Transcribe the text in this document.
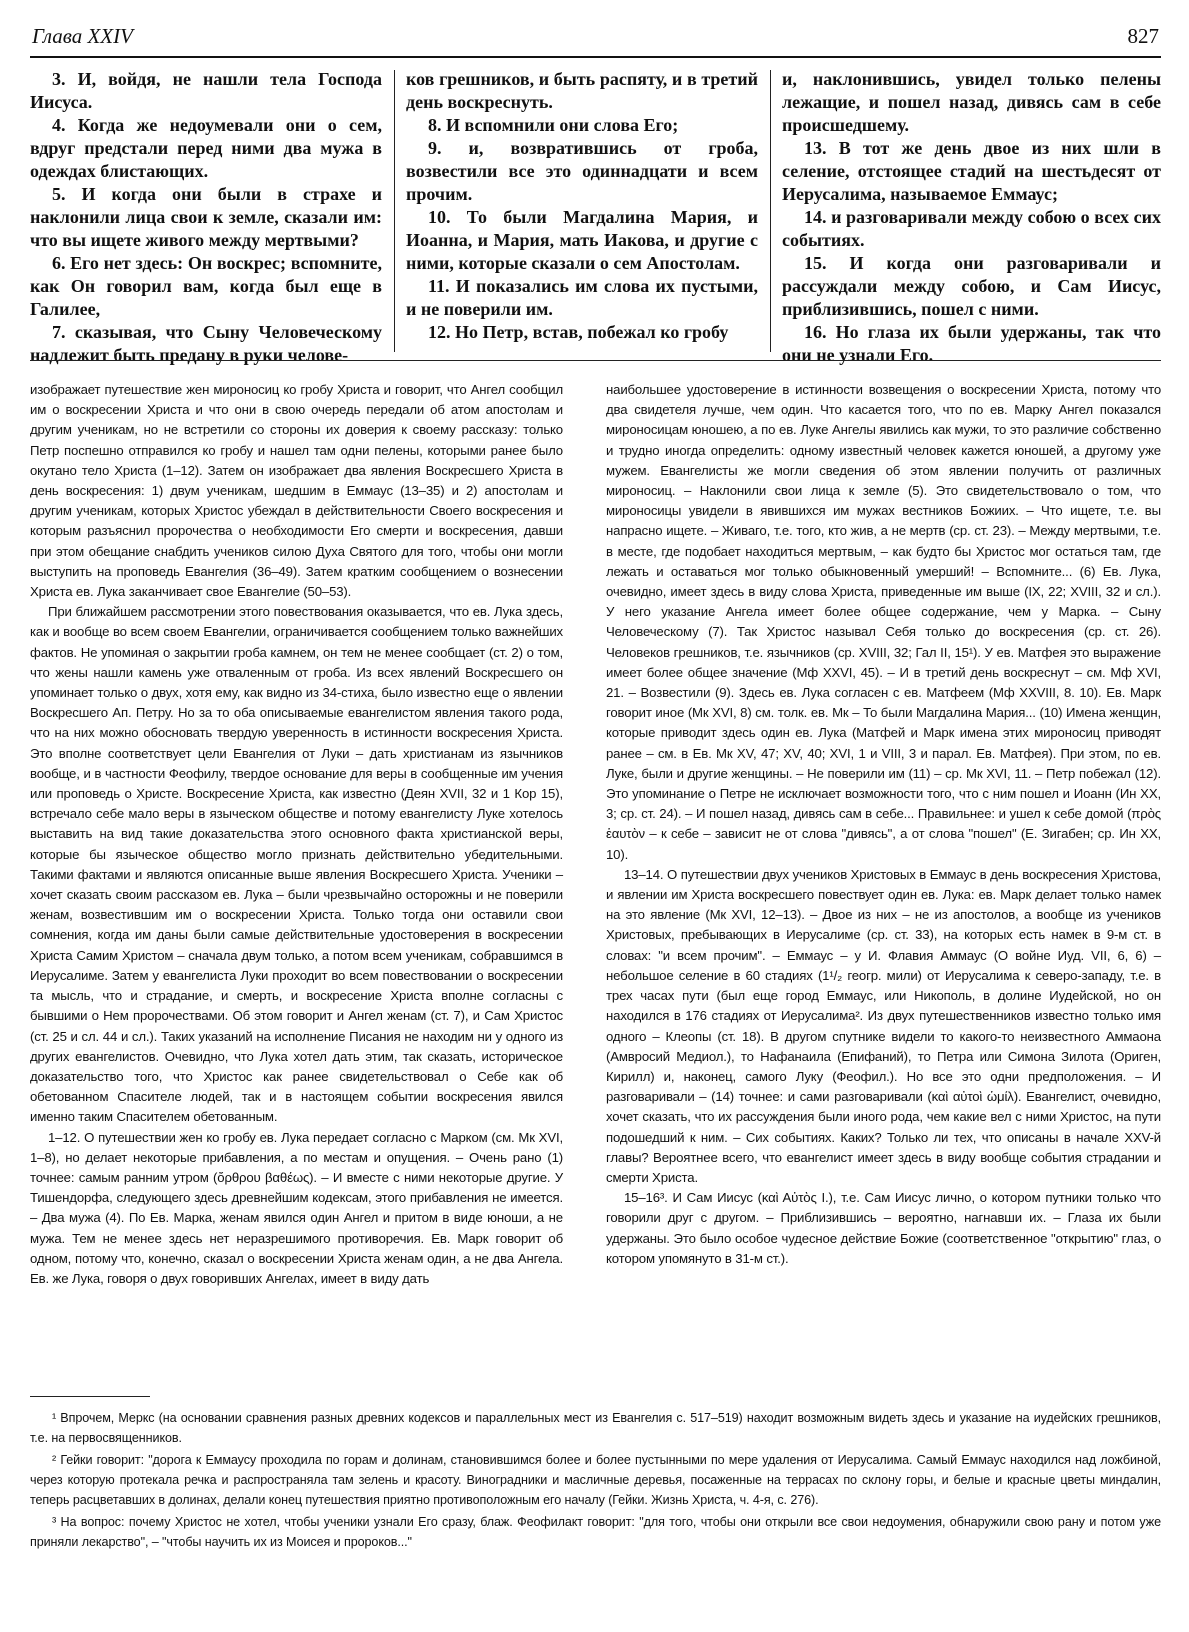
Глава XXIV	827

3. И, войдя, не нашли тела Господа Иисуса.

4. Когда же недоумевали они о сем, вдруг предстали перед ними два мужа в одеждах блистающих.

5. И когда они были в страхе и наклонили лица свои к земле, сказали им: что вы ищете живого между мертвыми?

6. Его нет здесь: Он воскрес; вспомните, как Он говорил вам, когда был еще в Галилее,

7. сказывая, что Сыну Человеческому надлежит быть предану в руки челове-

ков грешников, и быть распяту, и в третий день воскреснуть.

8. И вспомнили они слова Его;

9. и, возвратившись от гроба, возвестили все это одиннадцати и всем прочим.

10. То были Магдалина Мария, и Иоанна, и Мария, мать Иакова, и другие с ними, которые сказали о сем Апостолам.

11. И показались им слова их пустыми, и не поверили им.

12. Но Петр, встав, побежал ко гробу

и, наклонившись, увидел только пелены лежащие, и пошел назад, дивясь сам в себе происшедшему.

13. В тот же день двое из них шли в селение, отстоящее стадий на шестьдесят от Иерусалима, называемое Еммаус;

14. и разговаривали между собою о всех сих событиях.

15. И когда они разговаривали и рассуждали между собою, и Сам Иисус, приблизившись, пошел с ними.

16. Но глаза их были удержаны, так что они не узнали Его.

изображает путешествие жен мироносиц ко гробу Христа и говорит, что Ангел сообщил им о воскресении Христа и что они в свою очередь передали об атом апостолам и другим ученикам, но не встретили со стороны их доверия к своему рассказу: только Петр поспешно отправился ко гробу и нашел там одни пелены, которыми ранее было окутано тело Христа (1–12). Затем он изображает два явления Воскресшего Христа в день воскресения: 1) двум ученикам, шедшим в Еммаус (13–35) и 2) апостолам и другим ученикам, которых Христос убеждал в действительности Своего воскресения и которым разъяснил пророчества о необходимости Его смерти и воскресения, давши при этом обещание снабдить учеников силою Духа Святого для того, чтобы они могли выступить на проповедь Евангелия (36–49). Затем кратким сообщением о вознесении Христа ев. Лука заканчивает свое Евангелие (50–53).

При ближайшем рассмотрении этого повествования оказывается, что ев. Лука здесь, как и вообще во всем своем Евангелии, ограничивается сообщением только важнейших фактов. Не упоминая о закрытии гроба камнем, он тем не менее сообщает (ст. 2) о том, что жены нашли камень уже отваленным от гроба. Из всех явлений Воскресшего он упоминает только о двух, хотя ему, как видно из 34-стиха, было известно еще о явлении Воскресшего Ап. Петру. Но за то оба описываемые евангелистом явления такого рода, что на них можно обосновать твердую уверенность в истинности воскресения Христа. Это вполне соответствует цели Евангелия от Луки – дать христианам из язычников вообще, и в частности Феофилу, твердое основание для веры в сообщенные им учения или проповедь о Христе. Воскресение Христа, как известно (Деян XVII, 32 и 1 Кор 15), встречало себе мало веры в языческом обществе и потому евангелисту Луке хотелось выставить на вид такие доказательства этого основного факта христианской веры, которые бы языческое общество могло признать действительно убедительными. Такими фактами и являются описанные выше явления Воскресшего Христа. Ученики – хочет сказать своим рассказом ев. Лука – были чрезвычайно осторожны и не поверили женам, возвестившим им о воскресении Христа. Только тогда они оставили свои сомнения, когда им даны были самые действительные удостоверения в воскресении Христа Самим Христом – сначала двум только, а потом всем ученикам, собравшимся в Иерусалиме. Затем у евангелиста Луки проходит во всем повествовании о воскресении та мысль, что и страдание, и смерть, и воскресение Христа вполне согласны с бывшими о Нем пророчествами. Об этом говорит и Ангел женам (ст. 7), и Сам Христос (ст. 25 и сл. 44 и сл.). Таких указаний на исполнение Писания не находим ни у одного из других евангелистов. Очевидно, что Лука хотел дать этим, так сказать, историческое доказательство того, что Христос как ранее свидетельствовал о Себе как об обетованном Спасителе людей, так и в настоящем событии воскресения явился именно таким Спасителем обетованным.

1–12. О путешествии жен ко гробу ев. Лука передает согласно с Марком (см. Мк XVI, 1–8), но делает некоторые прибавления, а по местам и опущения. – Очень рано (1) точнее: самым ранним утром (ὄρθρου βαθέως). – И вместе с ними некоторые другие. У Тишендорфа, следующего здесь древнейшим кодексам, этого прибавления не имеется. – Два мужа (4). По Ев. Марка, женам явился один Ангел и притом в виде юноши, а не мужа. Тем не менее здесь нет неразрешимого противоречия. Ев. Марк говорит об одном, потому что, конечно, сказал о воскресении Христа женам один, а не два Ангела. Ев. же Лука, говоря о двух говоривших Ангелах, имеет в виду дать

наибольшее удостоверение в истинности возвещения о воскресении Христа, потому что два свидетеля лучше, чем один. Что касается того, что по ев. Марку Ангел показался мироносицам юношею, а по ев. Луке Ангелы явились как мужи, то это различие собственно и трудно иногда определить: одному известный человек кажется юношей, а другому уже мужем. Евангелисты же могли сведения об этом явлении получить от различных мироносиц. – Наклонили свои лица к земле (5). Это свидетельствовало о том, что мироносицы увидели в явившихся им мужах вестников Божиих. – Что ищете, т.е. вы напрасно ищете. – Живаго, т.е. того, кто жив, а не мертв (ср. ст. 23). – Между мертвыми, т.е. в месте, где подобает находиться мертвым, – как будто бы Христос мог остаться там, где лежать и оставаться мог только обыкновенный умерший! – Вспомните... (6) Ев. Лука, очевидно, имеет здесь в виду слова Христа, приведенные им выше (IX, 22; XVIII, 32 и сл.). У него указание Ангела имеет более общее содержание, чем у Марка. – Сыну Человеческому (7). Так Христос называл Себя только до воскресения (ср. ст. 26). Человеков грешников, т.е. язычников (ср. XVIII, 32; Гал II, 15¹). У ев. Матфея это выражение имеет более общее значение (Мф XXVI, 45). – И в третий день воскреснут – см. Мф XVI, 21. – Возвестили (9). Здесь ев. Лука согласен с ев. Матфеем (Мф XXVIII, 8. 10). Ев. Марк говорит иное (Мк XVI, 8) см. толк. ев. Мк – То были Магдалина Мария... (10) Имена женщин, которые приводит здесь один ев. Лука (Матфей и Марк имена этих мироносиц приводят ранее – см. в Ев. Мк XV, 47; XV, 40; XVI, 1 и VIII, 3 и парал. Ев. Матфея). При этом, по ев. Луке, были и другие женщины. – Не поверили им (11) – ср. Мк XVI, 11. – Петр побежал (12). Это упоминание о Петре не исключает возможности того, что с ним пошел и Иоанн (Ин XX, 3; ср. ст. 24). – И пошел назад, дивясь сам в себе... Правильнее: и ушел к себе домой (πρὸς ἑαυτὸν – к себе – зависит не от слова "дивясь", а от слова "пошел" (Е. Зигабен; ср. Ин XX, 10).

13–14. О путешествии двух учеников Христовых в Еммаус в день воскресения Христова, и явлении им Христа воскресшего повествует один ев. Лука: ев. Марк делает только намек на это явление (Мк XVI, 12–13). – Двое из них – не из апостолов, а вообще из учеников Христовых, пребывающих в Иерусалиме (ср. ст. 33), на которых есть намек в 9-м ст. в словах: "и всем прочим". – Еммаус – у И. Флавия Аммаус (О войне Иуд. VII, 6, 6) – небольшое селение в 60 стадиях (1¹/₂ геогр. мили) от Иерусалима к северо-западу, т.е. в трех часах пути (был еще город Еммаус, или Никополь, в долине Иудейской, но он находился в 176 стадиях от Иерусалима². Из двух путешественников известно только имя одного – Клеопы (ст. 18). В другом спутнике видели то какого-то неизвестного Аммаона (Амвросий Медиол.), то Нафанаила (Епифаний), то Петра или Симона Зилота (Ориген, Кирилл) и, наконец, самого Луку (Феофил.). Но все это одни предположения. – И разговаривали – (14) точнее: и сами разговаривали (καὶ αὐτοὶ ὡμίλ). Евангелист, очевидно, хочет сказать, что их рассуждения были иного рода, чем какие вел с ними Христос, на пути подошедший к ним. – Сих событиях. Каких? Только ли тех, что описаны в начале XXV-й главы? Вероятнее всего, что евангелист имеет здесь в виду вообще события страдании и смерти Христа.

15–16³. И Сам Иисус (καὶ Αὐτὸς Ι.), т.е. Сам Иисус лично, о котором путники только что говорили друг с другом. – Приблизившись – вероятно, нагнавши их. – Глаза их были удержаны. Это было особое чудесное действие Божие (соответственное "открытию" глаз, о котором упомянуто в 31-м ст.).

¹ Впрочем, Меркс (на основании сравнения разных древних кодексов и параллельных мест из Евангелия с. 517–519) находит возможным видеть здесь и указание на иудейских грешников, т.е. на первосвященников.

² Гейки говорит: "дорога к Еммаусу проходила по горам и долинам, становившимся более и более пустынными по мере удаления от Иерусалима. Самый Еммаус находился над ложбиной, через которую протекала речка и распространяла там зелень и красоту. Виноградники и масличные деревья, посаженные на террасах по склону горы, и белые и красные цветы миндалин, теперь расцветавших в долинах, делали конец путешествия приятно противоположным его началу (Гейки. Жизнь Христа, ч. 4-я, с. 276).

³ На вопрос: почему Христос не хотел, чтобы ученики узнали Его сразу, блаж. Феофилакт говорит: "для того, чтобы они открыли все свои недоумения, обнаружили свою рану и потом уже приняли лекарство", – "чтобы научить их из Моисея и пророков..."
